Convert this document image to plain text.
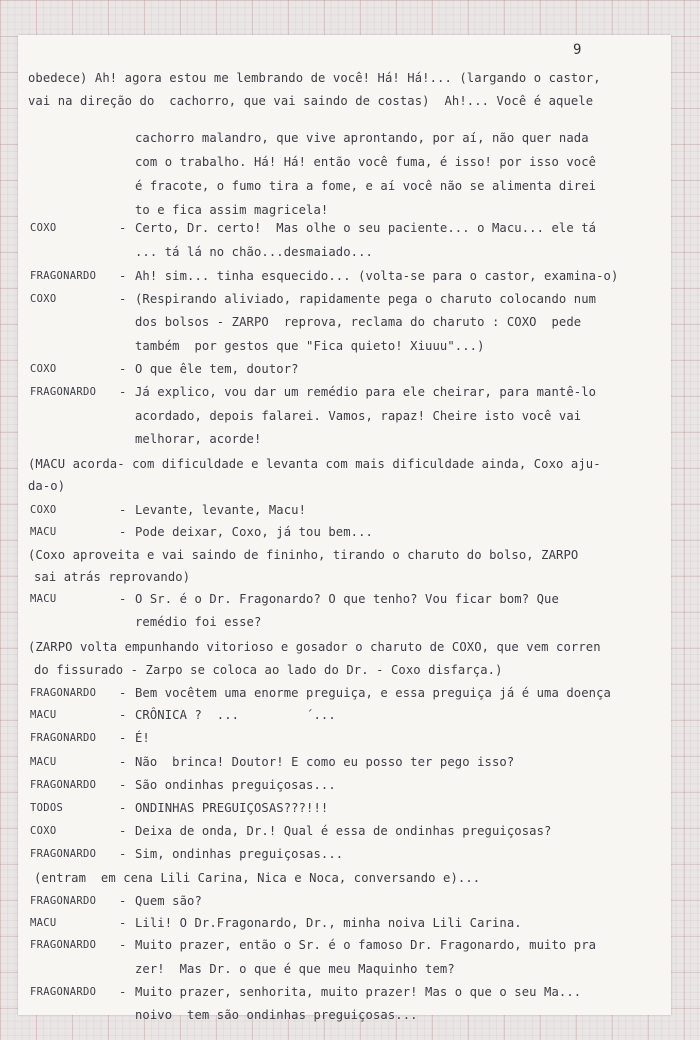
9
obedece) Ah! agora estou me lembrando de você! Há! Há!... (largando o castor,
vai na direção do  cachorro, que vai saindo de costas)  Ah!... Você é aquele
cachorro malandro, que vive aprontando, por aí, não quer nada
com o trabalho. Há! Há! então você fuma, é isso! por isso você
é fracote, o fumo tira a fome, e aí você não se alimenta direi
to e fica assim magricela!
COXO	- Certo, Dr. certo!  Mas olhe o seu paciente... o Macu... ele tá
... tá lá no chão...desmaiado...
FRAGONARDO - Ah! sim... tinha esquecido... (volta-se para o castor, examina-o)
COXO	- (Respirando aliviado, rapidamente pega o charuto colocando num
dos bolsos - ZARPO  reprova, reclama do charuto : COXO  pede
também  por gestos que "Fica quieto! Xiuuu"...)
COXO	- O que êle tem, doutor?
FRAGONARDO - Já explico, vou dar um remédio para ele cheirar, para mantê-lo
acordado, depois falarei. Vamos, rapaz! Cheire isto você vai
melhorar, acorde!
(MACU acorda- com dificuldade e levanta com mais dificuldade ainda, Coxo aju-
da-o)
COXO	- Levante, levante, Macu!
MACU	- Pode deixar, Coxo, já tou bem...
(Coxo aproveita e vai saindo de fininho, tirando o charuto do bolso, ZARPO
sai atrás reprovando)
MACU	- O Sr. é o Dr. Fragonardo? O que tenho? Vou ficar bom? Que
remédio foi esse?
(ZARPO volta empunhando vitorioso e gosador o charuto de COXO, que vem corren
do fissurado - Zarpo se coloca ao lado do Dr. - Coxo disfarça.)
FRAGONARDO - Bem vocêtem uma enorme preguiça, e essa preguiça já é uma doença
MACU	- CRÔNICA ?  ...         ´...
FRAGONARDO - É!
MACU	- Não  brinca! Doutor! E como eu posso ter pego isso?
FRAGONARDO - São ondinhas preguiçosas...
TODOS	- ONDINHAS PREGUIÇOSAS???!!!
COXO	- Deixa de onda, Dr.! Qual é essa de ondinhas preguiçosas?
FRAGONARDO - Sim, ondinhas preguiçosas...
(entram  em cena Lili Carina, Nica e Noca, conversando e)...
FRAGONARDO - Quem são?
MACU	- Lili! O Dr.Fragonardo, Dr., minha noiva Lili Carina.
FRAGONARDO - Muito prazer, então o Sr. é o famoso Dr. Fragonardo, muito pra
zer!  Mas Dr. o que é que meu Maquinho tem?
FRAGONARDO - Muito prazer, senhorita, muito prazer! Mas o que o seu Ma...
noivo  tem são ondinhas preguiçosas...
